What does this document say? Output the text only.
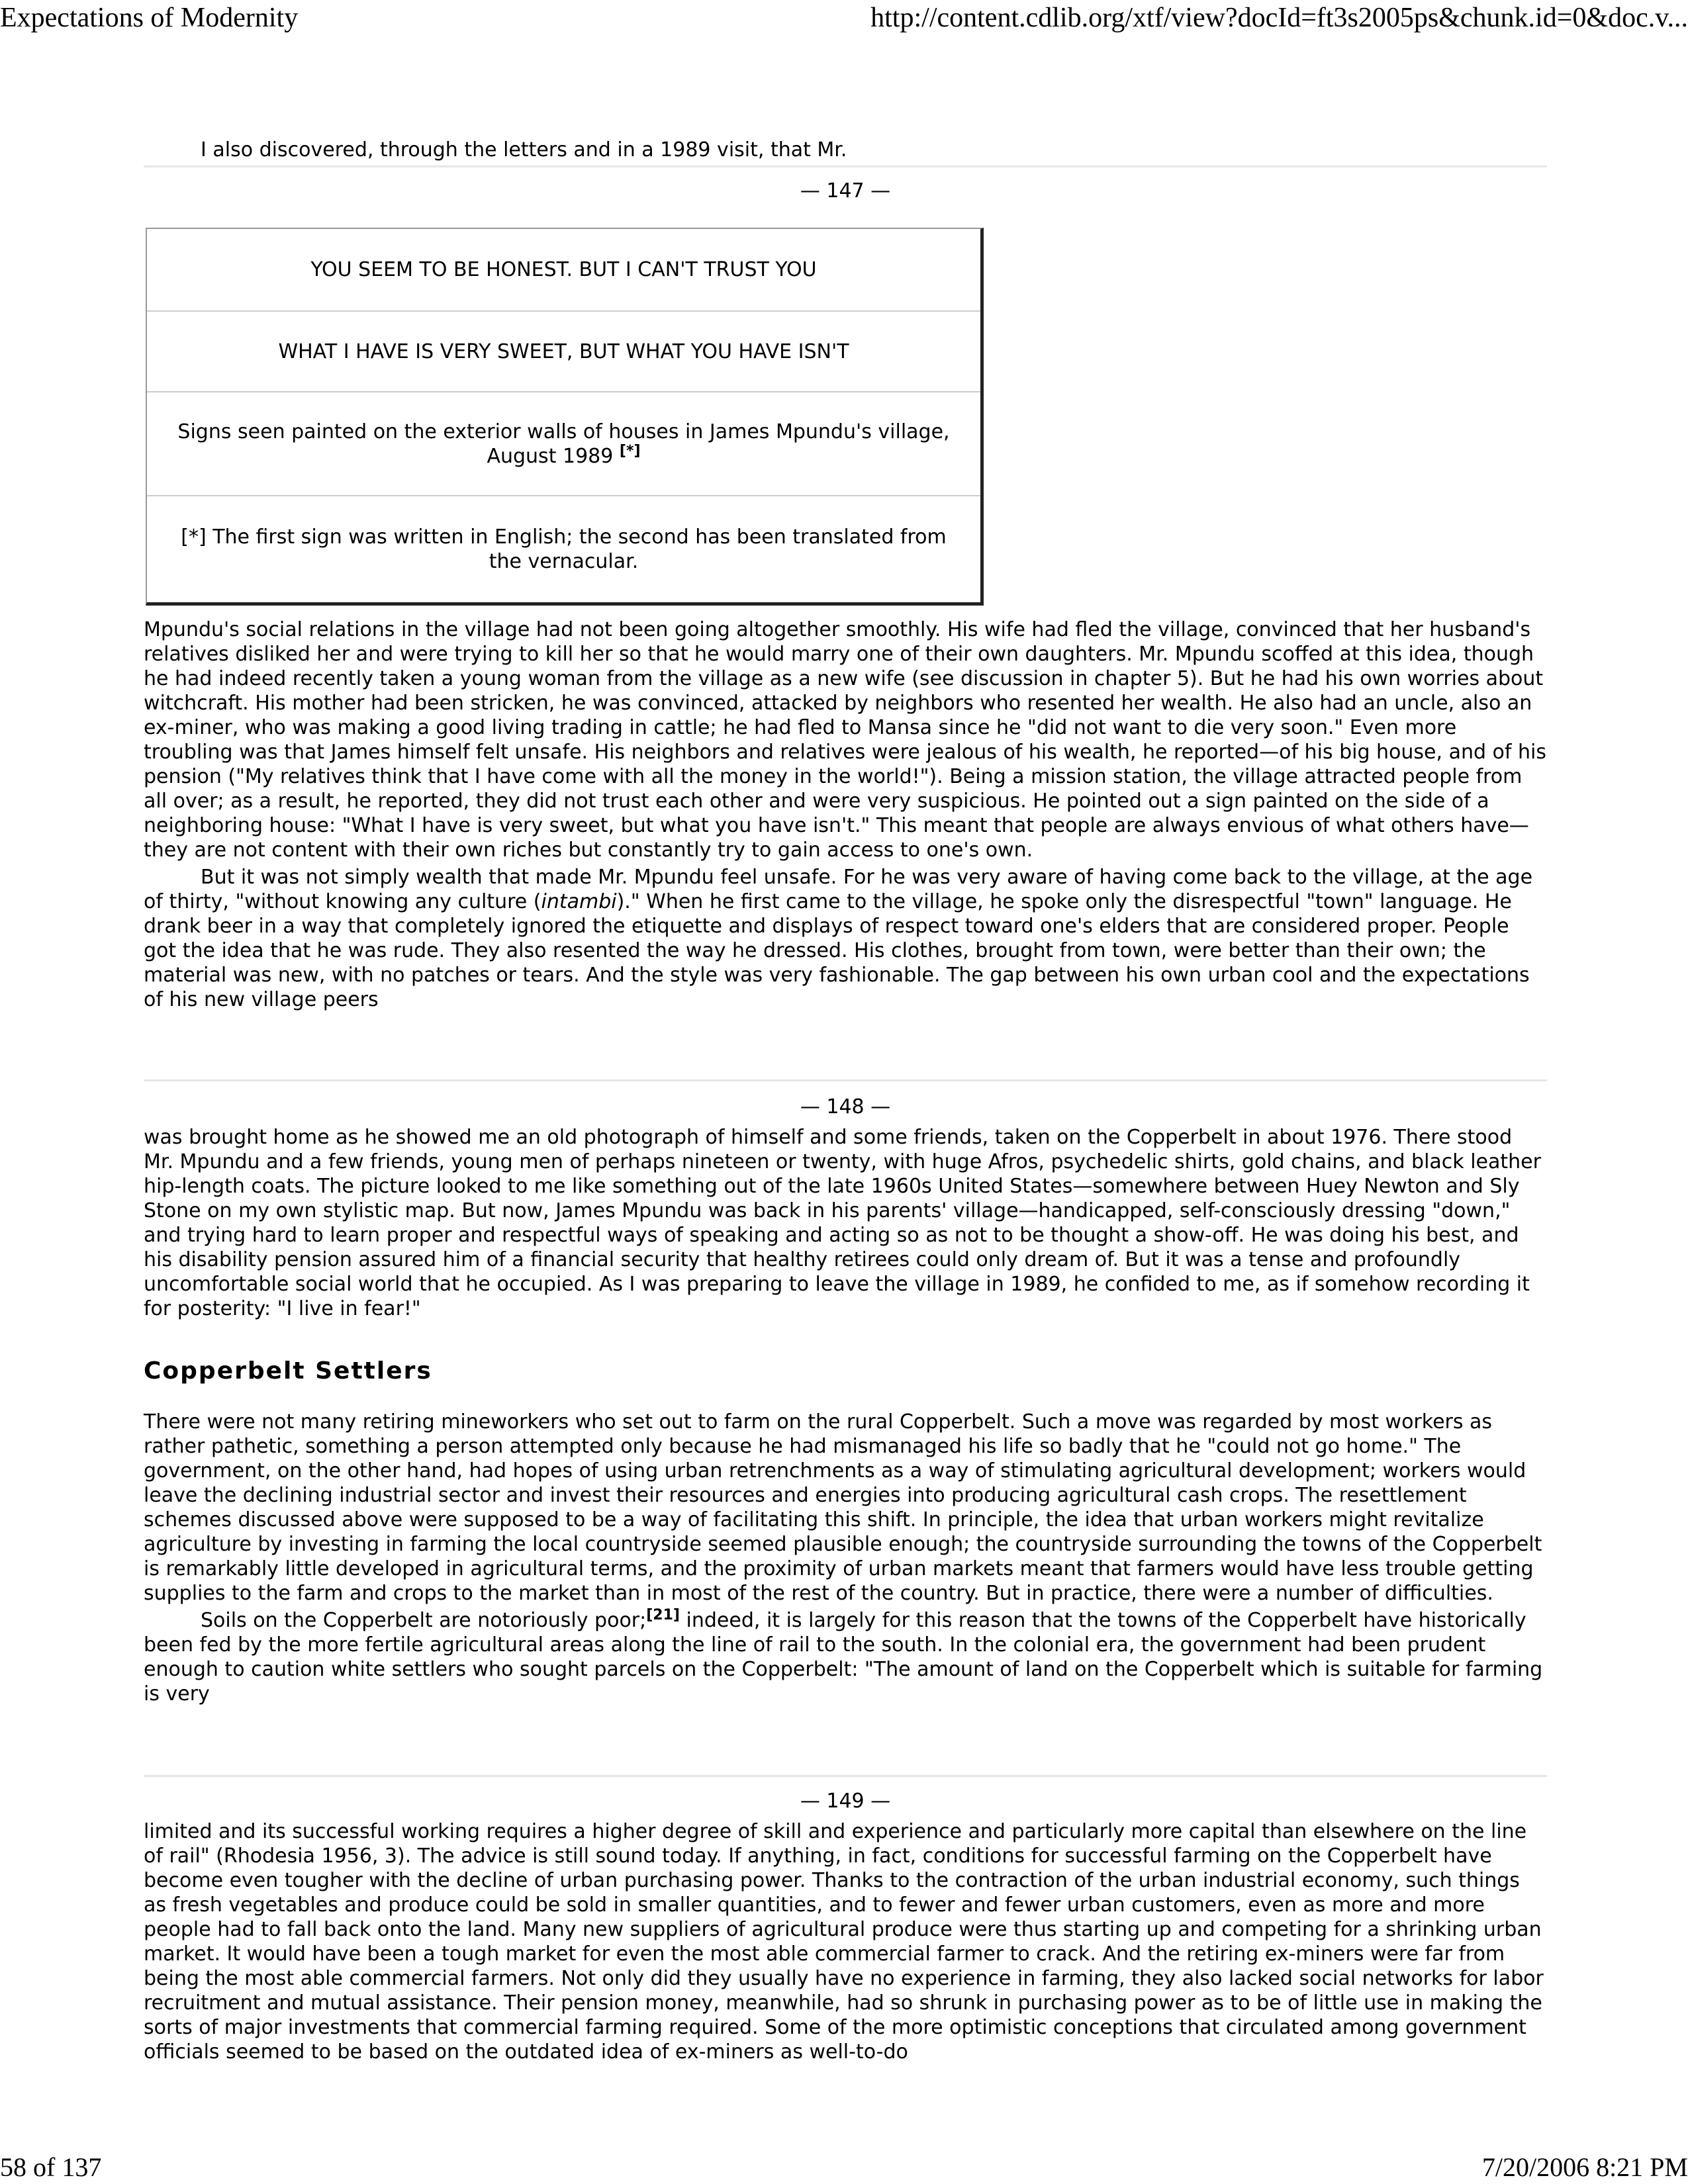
Expectations of Modernity	http://content.cdlib.org/xtf/view?docId=ft3s2005ps&chunk.id=0&doc.v...

I also discovered, through the letters and in a 1989 visit, that Mr.

— 147 —
YOU SEEM TO BE HONEST. BUT I CAN'T TRUST YOU
WHAT I HAVE IS VERY SWEET, BUT WHAT YOU HAVE ISN'T
Signs seen painted on the exterior walls of houses in James Mpundu's village, August 1989 [*]
[*] The first sign was written in English; the second has been translated from the vernacular.

Mpundu's social relations in the village had not been going altogether smoothly. His wife had fled the village, convinced that her husband's relatives disliked her and were trying to kill her so that he would marry one of their own daughters. Mr. Mpundu scoffed at this idea, though he had indeed recently taken a young woman from the village as a new wife (see discussion in chapter 5). But he had his own worries about witchcraft. His mother had been stricken, he was convinced, attacked by neighbors who resented her wealth. He also had an uncle, also an ex-miner, who was making a good living trading in cattle; he had fled to Mansa since he "did not want to die very soon." Even more troubling was that James himself felt unsafe. His neighbors and relatives were jealous of his wealth, he reported—of his big house, and of his pension ("My relatives think that I have come with all the money in the world!"). Being a mission station, the village attracted people from all over; as a result, he reported, they did not trust each other and were very suspicious. He pointed out a sign painted on the side of a neighboring house: "What I have is very sweet, but what you have isn't." This meant that people are always envious of what others have—they are not content with their own riches but constantly try to gain access to one's own.

But it was not simply wealth that made Mr. Mpundu feel unsafe. For he was very aware of having come back to the village, at the age of thirty, "without knowing any culture (intambi)." When he first came to the village, he spoke only the disrespectful "town" language. He drank beer in a way that completely ignored the etiquette and displays of respect toward one's elders that are considered proper. People got the idea that he was rude. They also resented the way he dressed. His clothes, brought from town, were better than their own; the material was new, with no patches or tears. And the style was very fashionable. The gap between his own urban cool and the expectations of his new village peers

— 148 —

was brought home as he showed me an old photograph of himself and some friends, taken on the Copperbelt in about 1976. There stood Mr. Mpundu and a few friends, young men of perhaps nineteen or twenty, with huge Afros, psychedelic shirts, gold chains, and black leather hip-length coats. The picture looked to me like something out of the late 1960s United States—somewhere between Huey Newton and Sly Stone on my own stylistic map. But now, James Mpundu was back in his parents' village—handicapped, self-consciously dressing "down," and trying hard to learn proper and respectful ways of speaking and acting so as not to be thought a show-off. He was doing his best, and his disability pension assured him of a financial security that healthy retirees could only dream of. But it was a tense and profoundly uncomfortable social world that he occupied. As I was preparing to leave the village in 1989, he confided to me, as if somehow recording it for posterity: "I live in fear!"

Copperbelt Settlers

There were not many retiring mineworkers who set out to farm on the rural Copperbelt. Such a move was regarded by most workers as rather pathetic, something a person attempted only because he had mismanaged his life so badly that he "could not go home." The government, on the other hand, had hopes of using urban retrenchments as a way of stimulating agricultural development; workers would leave the declining industrial sector and invest their resources and energies into producing agricultural cash crops. The resettlement schemes discussed above were supposed to be a way of facilitating this shift. In principle, the idea that urban workers might revitalize agriculture by investing in farming the local countryside seemed plausible enough; the countryside surrounding the towns of the Copperbelt is remarkably little developed in agricultural terms, and the proximity of urban markets meant that farmers would have less trouble getting supplies to the farm and crops to the market than in most of the rest of the country. But in practice, there were a number of difficulties.

Soils on the Copperbelt are notoriously poor;[21] indeed, it is largely for this reason that the towns of the Copperbelt have historically been fed by the more fertile agricultural areas along the line of rail to the south. In the colonial era, the government had been prudent enough to caution white settlers who sought parcels on the Copperbelt: "The amount of land on the Copperbelt which is suitable for farming is very

— 149 —

limited and its successful working requires a higher degree of skill and experience and particularly more capital than elsewhere on the line of rail" (Rhodesia 1956, 3). The advice is still sound today. If anything, in fact, conditions for successful farming on the Copperbelt have become even tougher with the decline of urban purchasing power. Thanks to the contraction of the urban industrial economy, such things as fresh vegetables and produce could be sold in smaller quantities, and to fewer and fewer urban customers, even as more and more people had to fall back onto the land. Many new suppliers of agricultural produce were thus starting up and competing for a shrinking urban market. It would have been a tough market for even the most able commercial farmer to crack. And the retiring ex-miners were far from being the most able commercial farmers. Not only did they usually have no experience in farming, they also lacked social networks for labor recruitment and mutual assistance. Their pension money, meanwhile, had so shrunk in purchasing power as to be of little use in making the sorts of major investments that commercial farming required. Some of the more optimistic conceptions that circulated among government officials seemed to be based on the outdated idea of ex-miners as well-to-do

58 of 137	7/20/2006 8:21 PM
